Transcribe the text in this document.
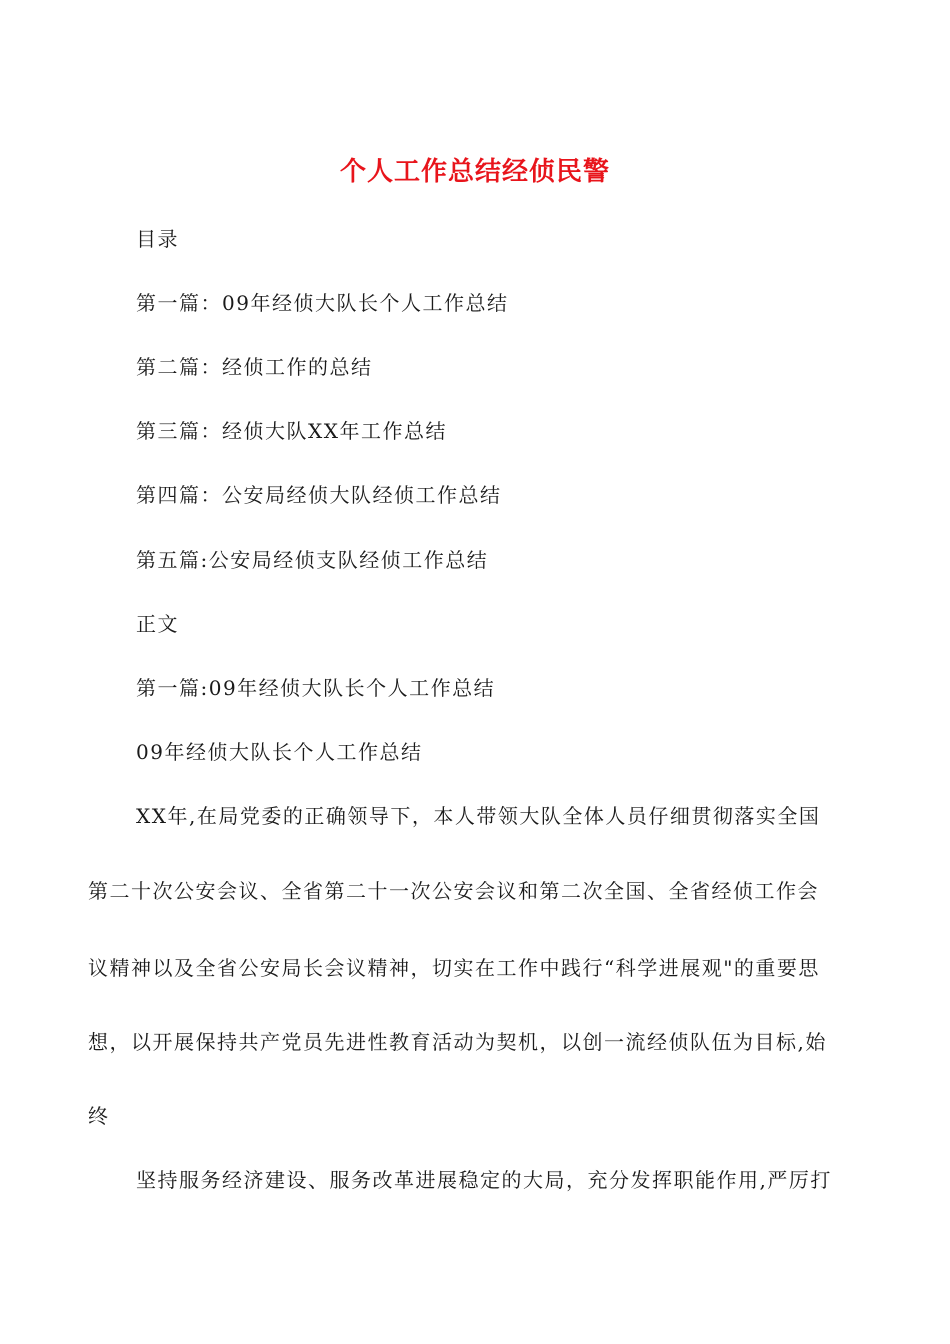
个人工作总结经侦民警
目录
第一篇：09年经侦大队长个人工作总结
第二篇：经侦工作的总结
第三篇：经侦大队XX年工作总结
第四篇：公安局经侦大队经侦工作总结
第五篇:公安局经侦支队经侦工作总结
正文
第一篇:09年经侦大队长个人工作总结
09年经侦大队长个人工作总结
XX年,在局党委的正确领导下，本人带领大队全体人员仔细贯彻落实全国
第二十次公安会议、全省第二十一次公安会议和第二次全国、全省经侦工作会
议精神以及全省公安局长会议精神，切实在工作中践行“科学进展观"的重要思
想，以开展保持共产党员先进性教育活动为契机，以创一流经侦队伍为目标,始
终
坚持服务经济建设、服务改革进展稳定的大局，充分发挥职能作用,严厉打
